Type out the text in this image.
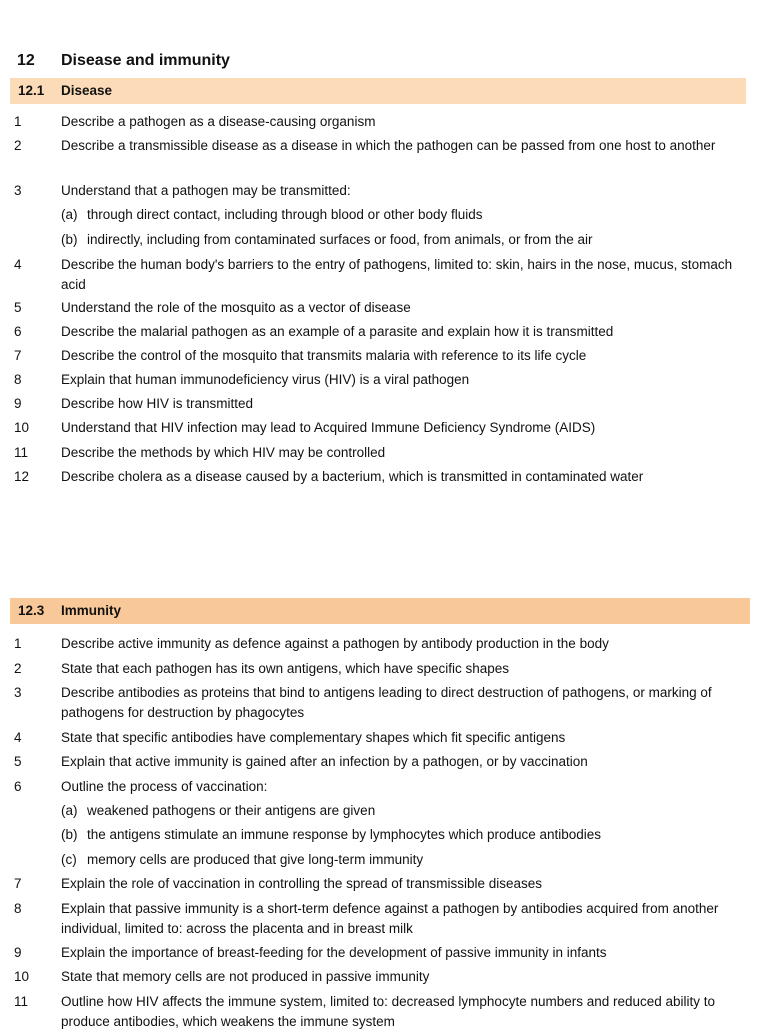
12 Disease and immunity
12.1 Disease
1	Describe a pathogen as a disease-causing organism
2	Describe a transmissible disease as a disease in which the pathogen can be passed from one host to another
3	Understand that a pathogen may be transmitted:
(a) through direct contact, including through blood or other body fluids
(b) indirectly, including from contaminated surfaces or food, from animals, or from the air
4	Describe the human body's barriers to the entry of pathogens, limited to: skin, hairs in the nose, mucus, stomach acid
5	Understand the role of the mosquito as a vector of disease
6	Describe the malarial pathogen as an example of a parasite and explain how it is transmitted
7	Describe the control of the mosquito that transmits malaria with reference to its life cycle
8	Explain that human immunodeficiency virus (HIV) is a viral pathogen
9	Describe how HIV is transmitted
10	Understand that HIV infection may lead to Acquired Immune Deficiency Syndrome (AIDS)
11	Describe the methods by which HIV may be controlled
12	Describe cholera as a disease caused by a bacterium, which is transmitted in contaminated water
12.3 Immunity
1	Describe active immunity as defence against a pathogen by antibody production in the body
2	State that each pathogen has its own antigens, which have specific shapes
3	Describe antibodies as proteins that bind to antigens leading to direct destruction of pathogens, or marking of pathogens for destruction by phagocytes
4	State that specific antibodies have complementary shapes which fit specific antigens
5	Explain that active immunity is gained after an infection by a pathogen, or by vaccination
6	Outline the process of vaccination:
(a) weakened pathogens or their antigens are given
(b) the antigens stimulate an immune response by lymphocytes which produce antibodies
(c) memory cells are produced that give long-term immunity
7	Explain the role of vaccination in controlling the spread of transmissible diseases
8	Explain that passive immunity is a short-term defence against a pathogen by antibodies acquired from another individual, limited to: across the placenta and in breast milk
9	Explain the importance of breast-feeding for the development of passive immunity in infants
10	State that memory cells are not produced in passive immunity
11	Outline how HIV affects the immune system, limited to: decreased lymphocyte numbers and reduced ability to produce antibodies, which weakens the immune system
